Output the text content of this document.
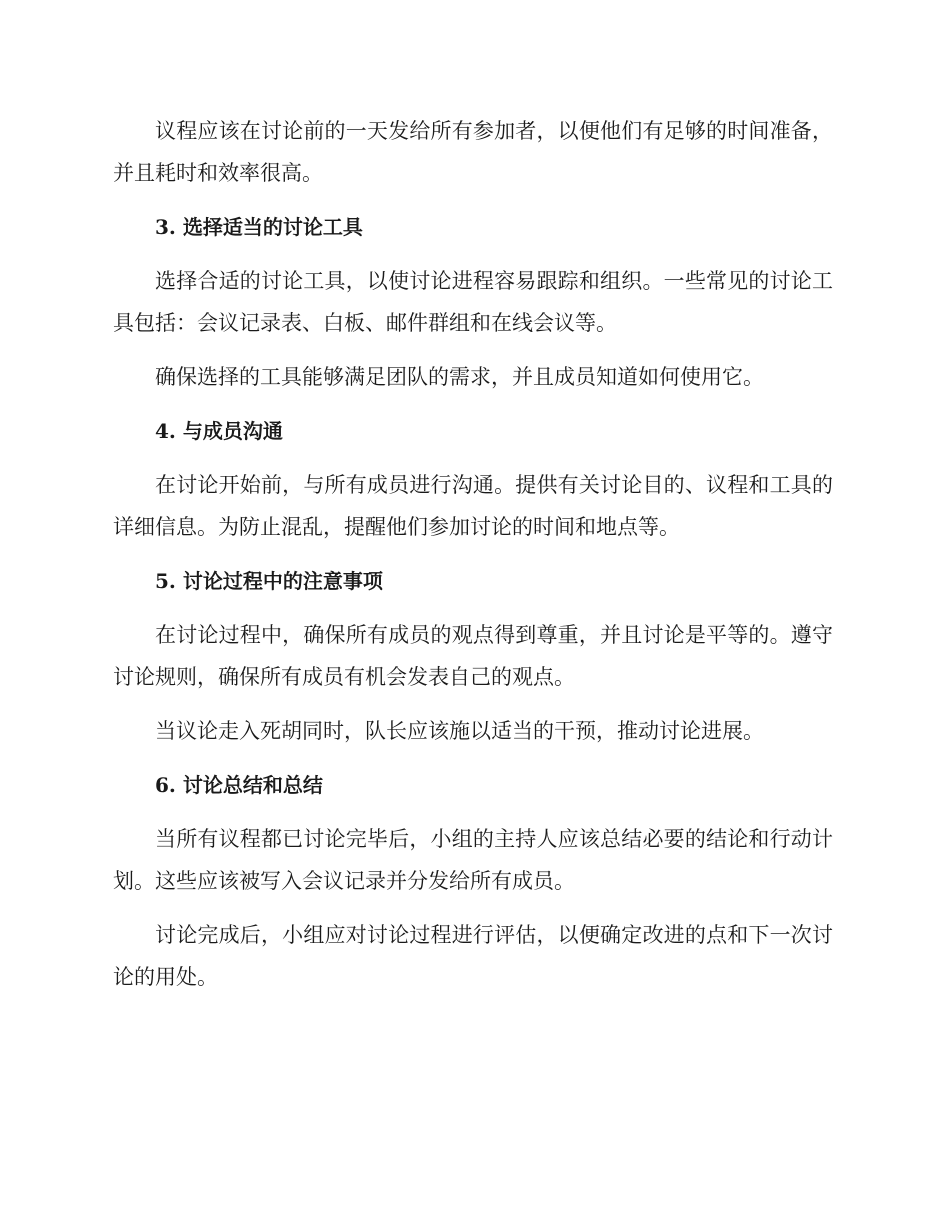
议程应该在讨论前的一天发给所有参加者，以便他们有足够的时间准备，并且耗时和效率很高。

3. 选择适当的讨论工具

选择合适的讨论工具，以使讨论进程容易跟踪和组织。一些常见的讨论工具包括：会议记录表、白板、邮件群组和在线会议等。

确保选择的工具能够满足团队的需求，并且成员知道如何使用它。

4. 与成员沟通

在讨论开始前，与所有成员进行沟通。提供有关讨论目的、议程和工具的详细信息。为防止混乱，提醒他们参加讨论的时间和地点等。

5. 讨论过程中的注意事项

在讨论过程中，确保所有成员的观点得到尊重，并且讨论是平等的。遵守讨论规则，确保所有成员有机会发表自己的观点。

当议论走入死胡同时，队长应该施以适当的干预，推动讨论进展。

6. 讨论总结和总结

当所有议程都已讨论完毕后，小组的主持人应该总结必要的结论和行动计划。这些应该被写入会议记录并分发给所有成员。

讨论完成后，小组应对讨论过程进行评估，以便确定改进的点和下一次讨论的用处。
